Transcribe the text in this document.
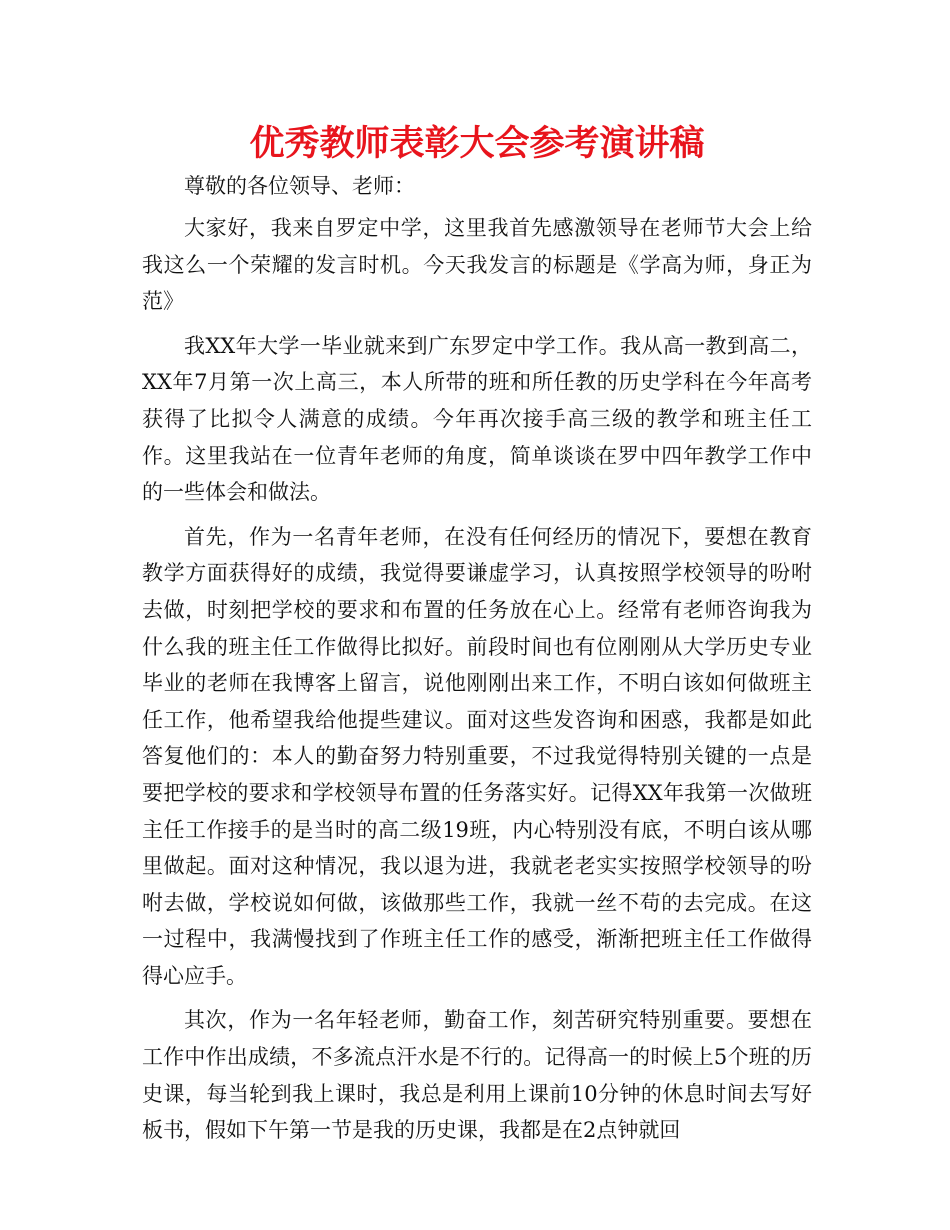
优秀教师表彰大会参考演讲稿

尊敬的各位领导、老师：

大家好，我来自罗定中学，这里我首先感激领导在老师节大会上给我这么一个荣耀的发言时机。今天我发言的标题是《学高为师，身正为范》

我XX年大学一毕业就来到广东罗定中学工作。我从高一教到高二，XX年7月第一次上高三，本人所带的班和所任教的历史学科在今年高考获得了比拟令人满意的成绩。今年再次接手高三级的教学和班主任工作。这里我站在一位青年老师的角度，简单谈谈在罗中四年教学工作中的一些体会和做法。

首先，作为一名青年老师，在没有任何经历的情况下，要想在教育教学方面获得好的成绩，我觉得要谦虚学习，认真按照学校领导的吩咐去做，时刻把学校的要求和布置的任务放在心上。经常有老师咨询我为什么我的班主任工作做得比拟好。前段时间也有位刚刚从大学历史专业毕业的老师在我博客上留言，说他刚刚出来工作，不明白该如何做班主任工作，他希望我给他提些建议。面对这些发咨询和困惑，我都是如此答复他们的：本人的勤奋努力特别重要，不过我觉得特别关键的一点是要把学校的要求和学校领导布置的任务落实好。记得XX年我第一次做班主任工作接手的是当时的高二级19班，内心特别没有底，不明白该从哪里做起。面对这种情况，我以退为进，我就老老实实按照学校领导的吩咐去做，学校说如何做，该做那些工作，我就一丝不苟的去完成。在这一过程中，我满慢找到了作班主任工作的感受，渐渐把班主任工作做得得心应手。

其次，作为一名年轻老师，勤奋工作，刻苦研究特别重要。要想在工作中作出成绩，不多流点汗水是不行的。记得高一的时候上5个班的历史课，每当轮到我上课时，我总是利用上课前10分钟的休息时间去写好板书，假如下午第一节是我的历史课，我都是在2点钟就回
